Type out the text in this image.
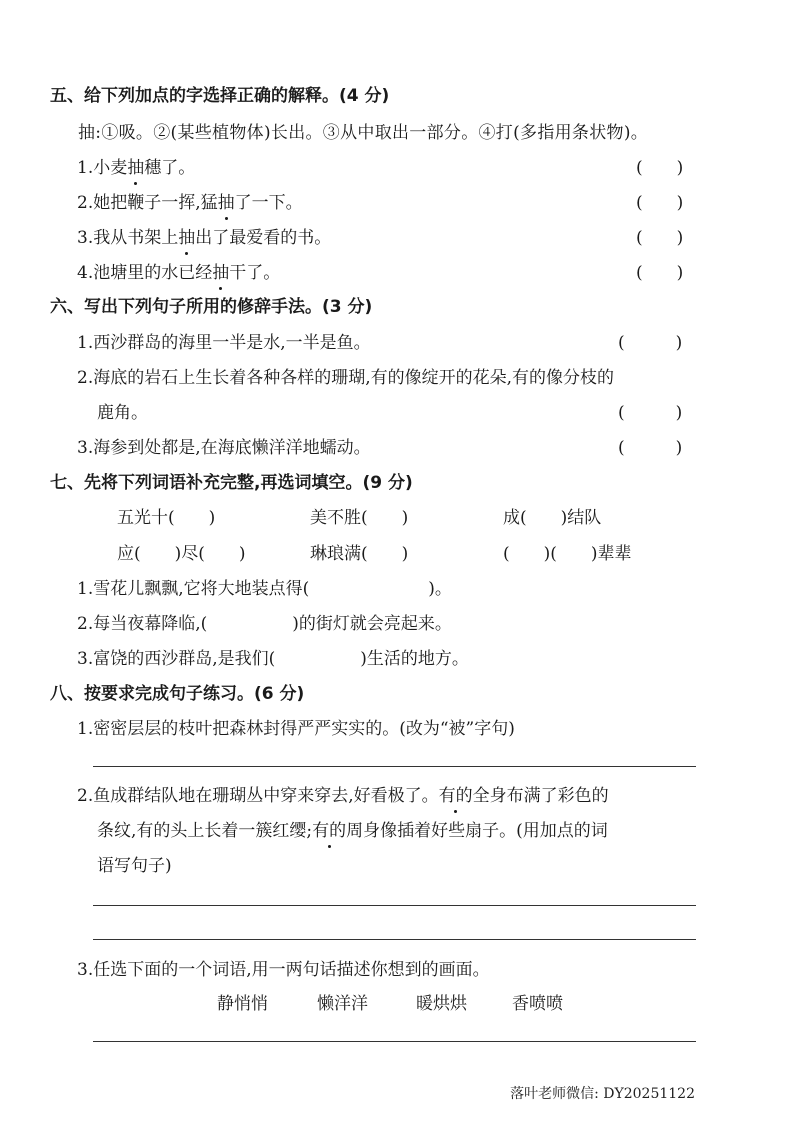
五、给下列加点的字选择正确的解释。(4 分)
抽:①吸。②(某些植物体)长出。③从中取出一部分。④打(多指用条状物)。
1.小麦抽穗了。	(　　)
2.她把鞭子一挥,猛抽了一下。	(　　)
3.我从书架上抽出了最爱看的书。	(　　)
4.池塘里的水已经抽干了。	(　　)
六、写出下列句子所用的修辞手法。(3 分)
1.西沙群岛的海里一半是水,一半是鱼。	(　　　)
2.海底的岩石上生长着各种各样的珊瑚,有的像绽开的花朵,有的像分枝的
鹿角。	(　　　)
3.海参到处都是,在海底懒洋洋地蠕动。	(　　　)
七、先将下列词语补充完整,再选词填空。(9 分)
五光十(　　)	美不胜(　　)	成(　　)结队
应(　　)尽(　　)	琳琅满(　　)	(　　)(　　)辈辈
1.雪花儿飘飘,它将大地装点得(　　　　　　　)。
2.每当夜幕降临,(　　　　　)的街灯就会亮起来。
3.富饶的西沙群岛,是我们(　　　　　)生活的地方。
八、按要求完成句子练习。(6 分)
1.密密层层的枝叶把森林封得严严实实的。(改为“被”字句)
2.鱼成群结队地在珊瑚丛中穿来穿去,好看极了。有的全身布满了彩色的
条纹,有的头上长着一簇红缨;有的周身像插着好些扇子。(用加点的词
语写句子)
3.任选下面的一个词语,用一两句话描述你想到的画面。
静悄悄	懒洋洋	暖烘烘	香喷喷
落叶老师微信: DY20251122
